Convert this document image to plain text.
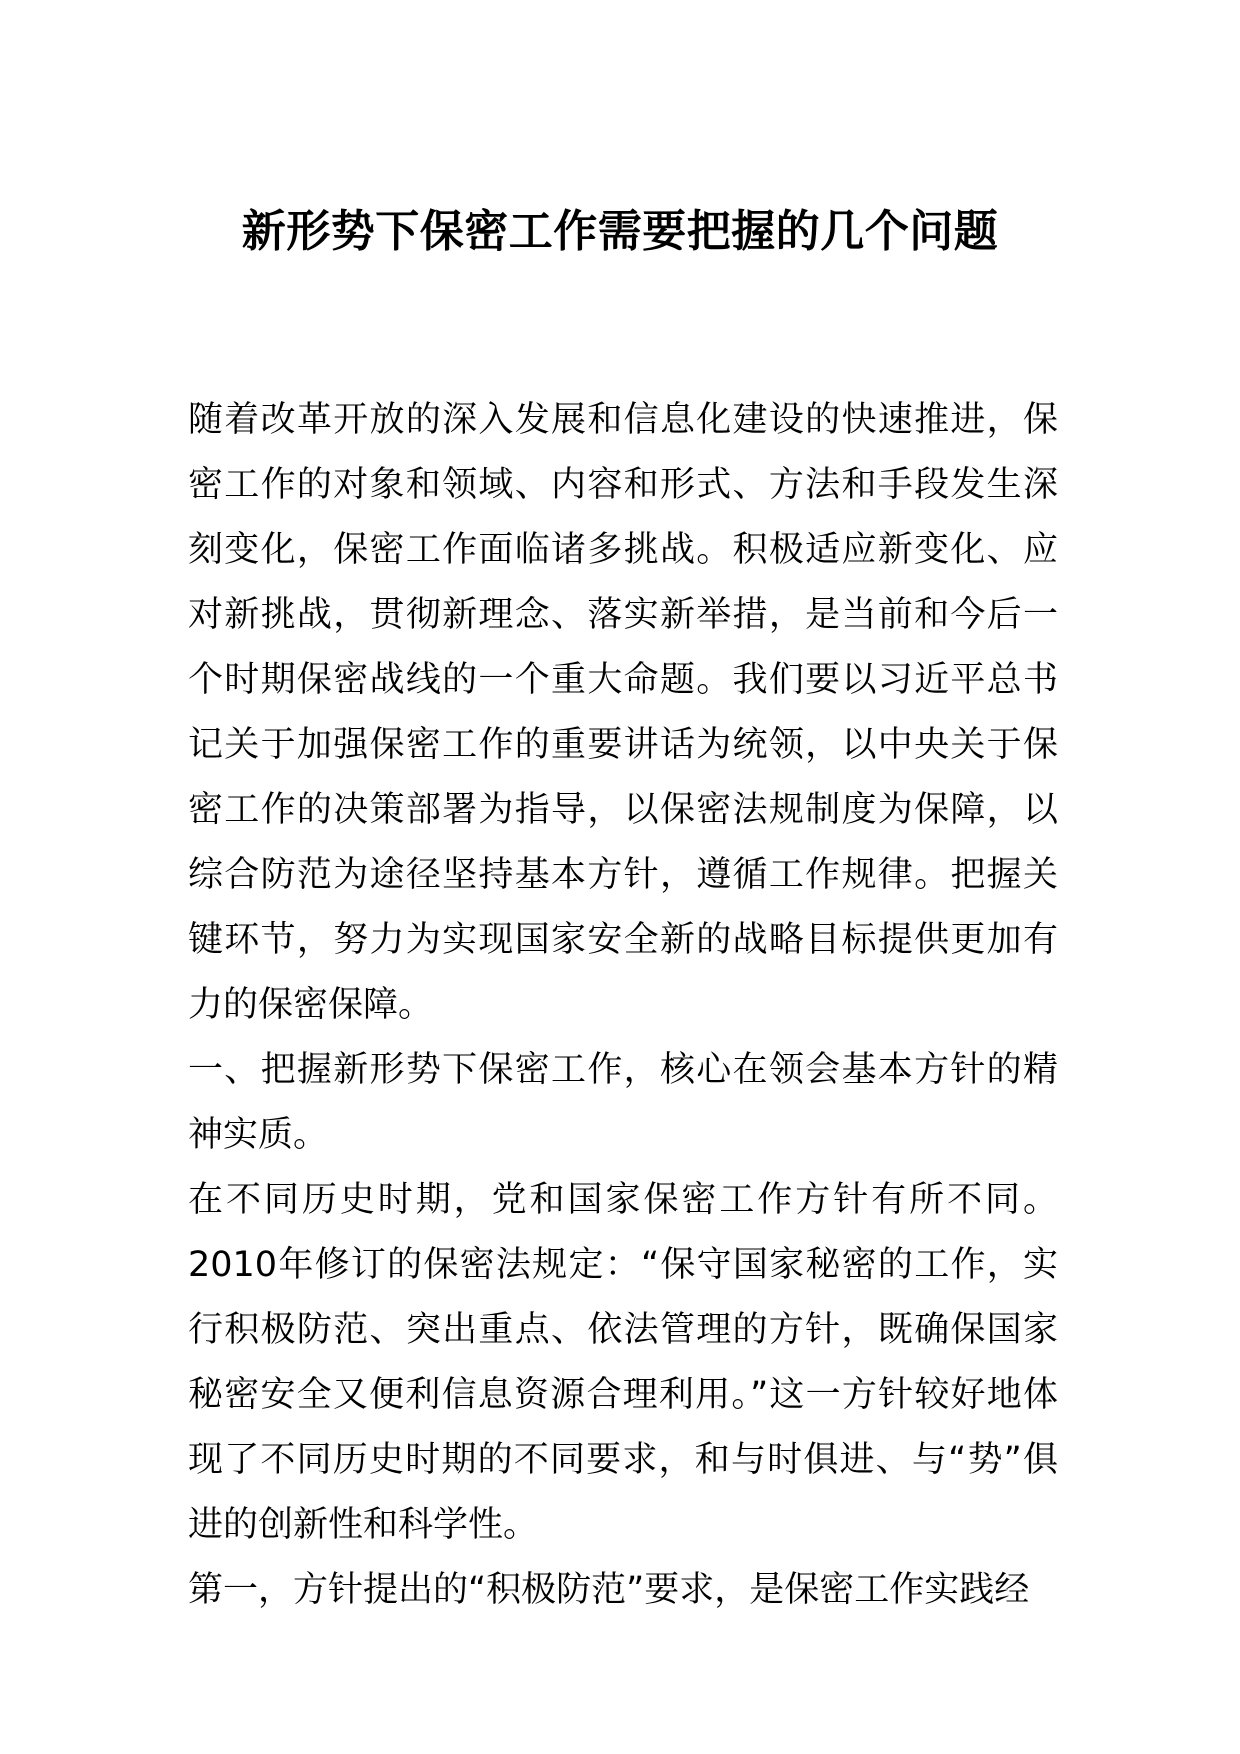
新形势下保密工作需要把握的几个问题

随着改革开放的深入发展和信息化建设的快速推进，保密工作的对象和领域、内容和形式、方法和手段发生深刻变化，保密工作面临诸多挑战。积极适应新变化、应对新挑战，贯彻新理念、落实新举措，是当前和今后一个时期保密战线的一个重大命题。我们要以习近平总书记关于加强保密工作的重要讲话为统领，以中央关于保密工作的决策部署为指导，以保密法规制度为保障，以综合防范为途径坚持基本方针，遵循工作规律。把握关键环节，努力为实现国家安全新的战略目标提供更加有力的保密保障。

一、把握新形势下保密工作，核心在领会基本方针的精神实质。

在不同历史时期，党和国家保密工作方针有所不同。 2010年修订的保密法规定：“保守国家秘密的工作，实行积极防范、突出重点、依法管理的方针，既确保国家秘密安全又便利信息资源合理利用。”这一方针较好地体现了不同历史时期的不同要求，和与时俱进、与“势”俱进的创新性和科学性。

第一，方针提出的“积极防范”要求，是保密工作实践经
